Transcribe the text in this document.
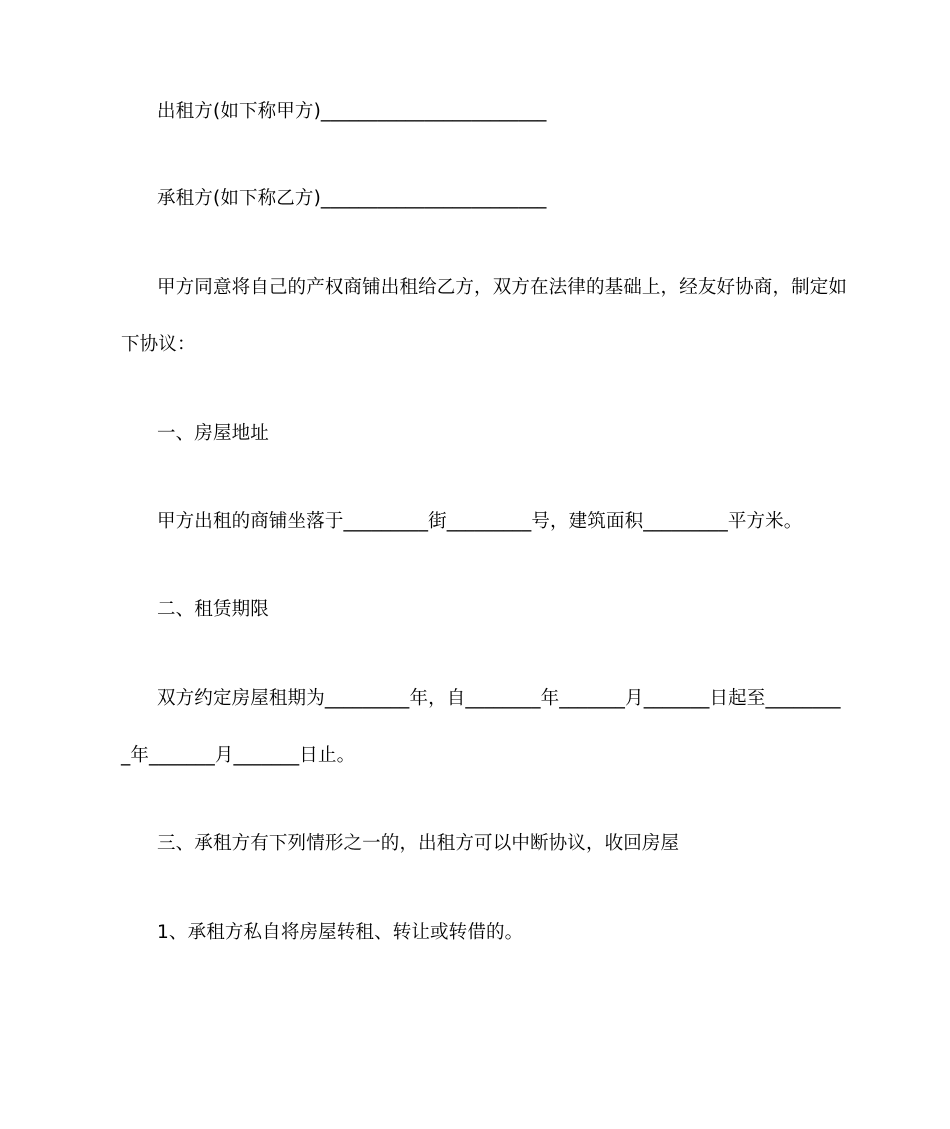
出租方(如下称甲方)________________________
承租方(如下称乙方)________________________
甲方同意将自己的产权商铺出租给乙方，双方在法律的基础上，经友好协商，制定如
下协议：
一、房屋地址
甲方出租的商铺坐落于_________街_________号，建筑面积_________平方米。
二、租赁期限
双方约定房屋租期为_________年，自________年_______月_______日起至________
_年_______月_______日止。
三、承租方有下列情形之一的，出租方可以中断协议，收回房屋
1、承租方私自将房屋转租、转让或转借的。
